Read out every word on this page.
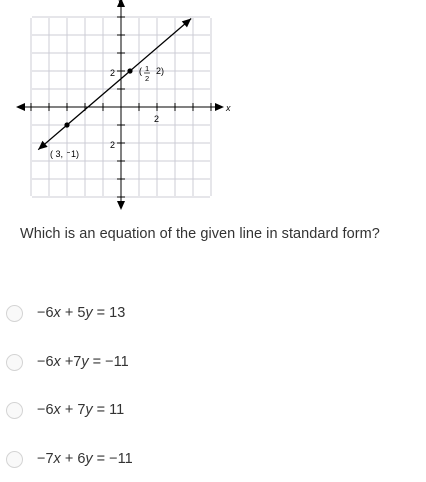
x
y
2
2
2
( 3, 1)
( 1
2
2)
Which is an equation of the given line in standard form?
−6x + 5y = 13
−6x +7y = −11
−6x + 7y = 11
−7x + 6y = −11
